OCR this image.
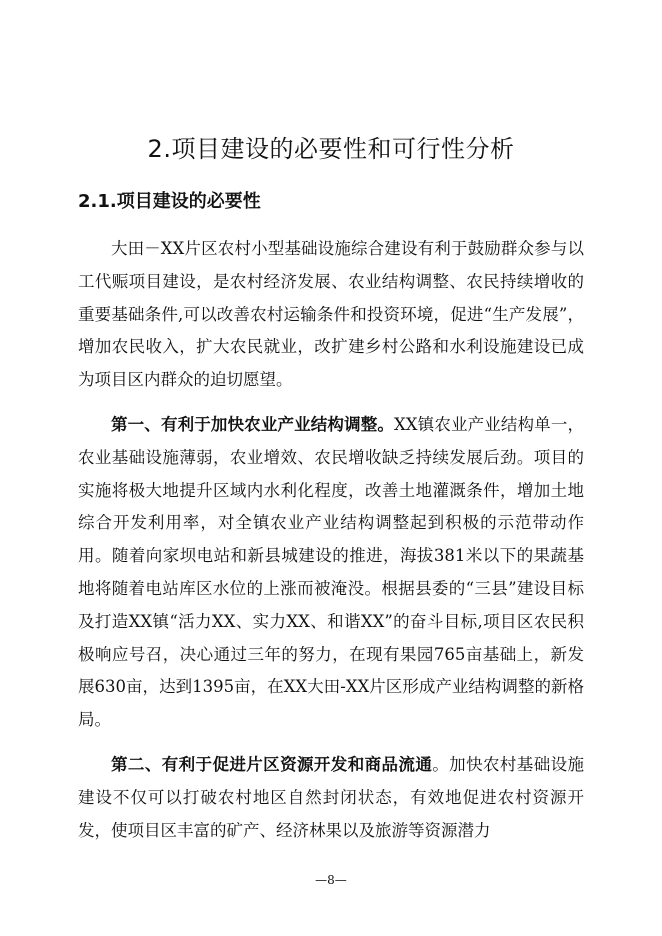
2.项目建设的必要性和可行性分析
2.1.项目建设的必要性

大田－XX片区农村小型基础设施综合建设有利于鼓励群众参与以工代赈项目建设，是农村经济发展、农业结构调整、农民持续增收的重要基础条件,可以改善农村运输条件和投资环境，促进“生产发展”，增加农民收入，扩大农民就业，改扩建乡村公路和水利设施建设已成为项目区内群众的迫切愿望。

第一、有利于加快农业产业结构调整。XX镇农业产业结构单一，农业基础设施薄弱，农业增效、农民增收缺乏持续发展后劲。项目的实施将极大地提升区域内水利化程度，改善土地灌溉条件，增加土地综合开发利用率，对全镇农业产业结构调整起到积极的示范带动作用。随着向家坝电站和新县城建设的推进，海拔381米以下的果蔬基地将随着电站库区水位的上涨而被淹没。根据县委的“三县”建设目标及打造XX镇“活力XX、实力XX、和谐XX”的奋斗目标,项目区农民积极响应号召，决心通过三年的努力，在现有果园765亩基础上，新发展630亩，达到1395亩，在XX大田-XX片区形成产业结构调整的新格局。

第二、有利于促进片区资源开发和商品流通。加快农村基础设施建设不仅可以打破农村地区自然封闭状态，有效地促进农村资源开发，使项目区丰富的矿产、经济林果以及旅游等资源潜力

—8—
